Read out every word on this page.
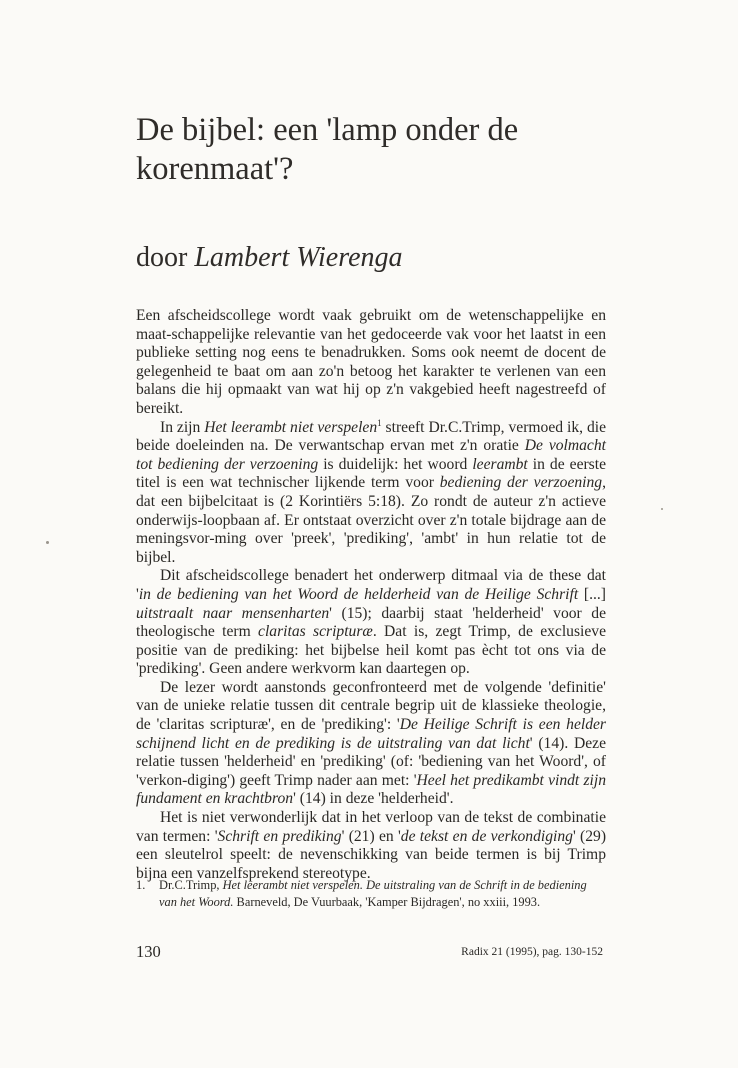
De bijbel: een 'lamp onder de korenmaat'?
door Lambert Wierenga

Een afscheidscollege wordt vaak gebruikt om de wetenschappelijke en maat-schappelijke relevantie van het gedoceerde vak voor het laatst in een publieke setting nog eens te benadrukken. Soms ook neemt de docent de gelegenheid te baat om aan zo'n betoog het karakter te verlenen van een balans die hij opmaakt van wat hij op z'n vakgebied heeft nagestreefd of bereikt.

In zijn Het leerambt niet verspelen$^1$ streeft Dr.C.Trimp, vermoed ik, die beide doeleinden na. De verwantschap ervan met z'n oratie De volmacht tot bediening der verzoening is duidelijk: het woord leerambt in de eerste titel is een wat technischer lijkende term voor bediening der verzoening, dat een bijbelcitaat is (2 Korintiërs 5:18). Zo rondt de auteur z'n actieve onderwijs-loopbaan af. Er ontstaat overzicht over z'n totale bijdrage aan de meningsvor-ming over 'preek', 'prediking', 'ambt' in hun relatie tot de bijbel.

Dit afscheidscollege benadert het onderwerp ditmaal via de these dat 'in de bediening van het Woord de helderheid van de Heilige Schrift [...] uitstraalt naar mensenharten' (15); daarbij staat 'helderheid' voor de theologische term claritas scripturæ. Dat is, zegt Trimp, de exclusieve positie van de prediking: het bijbelse heil komt pas ècht tot ons via de 'prediking'. Geen andere werkvorm kan daartegen op.

De lezer wordt aanstonds geconfronteerd met de volgende 'definitie' van de unieke relatie tussen dit centrale begrip uit de klassieke theologie, de 'claritas scripturæ', en de 'prediking': 'De Heilige Schrift is een helder schijnend licht en de prediking is de uitstraling van dat licht' (14). Deze relatie tussen 'helderheid' en 'prediking' (of: 'bediening van het Woord', of 'verkon-diging') geeft Trimp nader aan met: 'Heel het predikambt vindt zijn fundament en krachtbron' (14) in deze 'helderheid'.

Het is niet verwonderlijk dat in het verloop van de tekst de combinatie van termen: 'Schrift en prediking' (21) en 'de tekst en de verkondiging' (29) een sleutelrol speelt: de nevenschikking van beide termen is bij Trimp bijna een vanzelfsprekend stereotype.

1.	Dr.C.Trimp, Het leerambt niet verspelen. De uitstraling van de Schrift in de bediening van het Woord. Barneveld, De Vuurbaak, 'Kamper Bijdragen', no xxiii, 1993.
130	Radix 21 (1995), pag. 130-152
